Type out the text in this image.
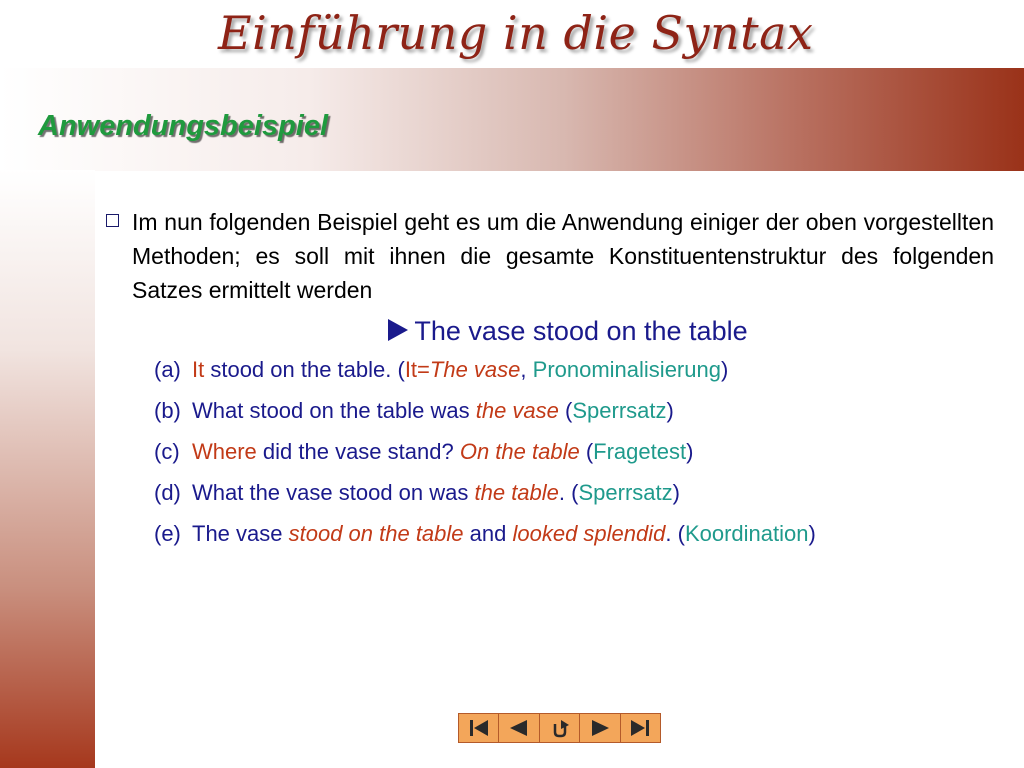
Einführung in die Syntax
Anwendungsbeispiel
Im nun folgenden Beispiel geht es um die Anwendung einiger der oben vorgestellten Methoden; es soll mit ihnen die gesamte Konstituentenstruktur des folgenden Satzes ermittelt werden
The vase stood on the table
(a) It stood on the table. (It=The vase, Pronominalisierung)
(b) What stood on the table was the vase (Sperrsatz)
(c) Where did the vase stand? On the table (Fragetest)
(d) What the vase stood on was the table. (Sperrsatz)
(e) The vase stood on the table and looked splendid. (Koordination)
